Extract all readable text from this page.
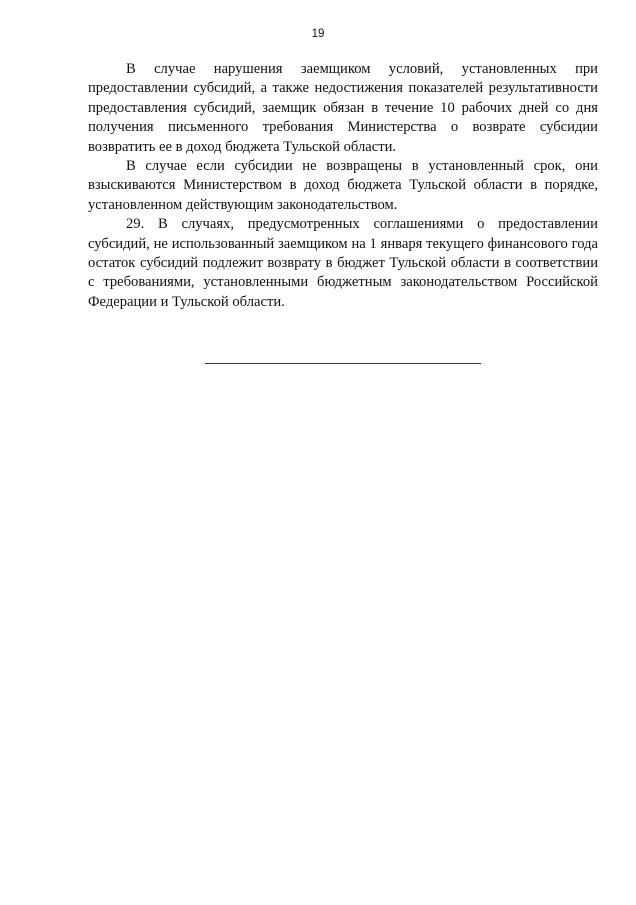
19

В случае нарушения заемщиком условий, установленных при предоставлении субсидий, а также недостижения показателей результативности предоставления субсидий, заемщик обязан в течение 10 рабочих дней со дня получения письменного требования Министерства о возврате субсидии возвратить ее в доход бюджета Тульской области.

В случае если субсидии не возвращены в установленный срок, они взыскиваются Министерством в доход бюджета Тульской области в порядке, установленном действующим законодательством.

29. В случаях, предусмотренных соглашениями о предоставлении субсидий, не использованный заемщиком на 1 января текущего финансового года остаток субсидий подлежит возврату в бюджет Тульской области в соответствии с требованиями, установленными бюджетным законодательством Российской Федерации и Тульской области.
